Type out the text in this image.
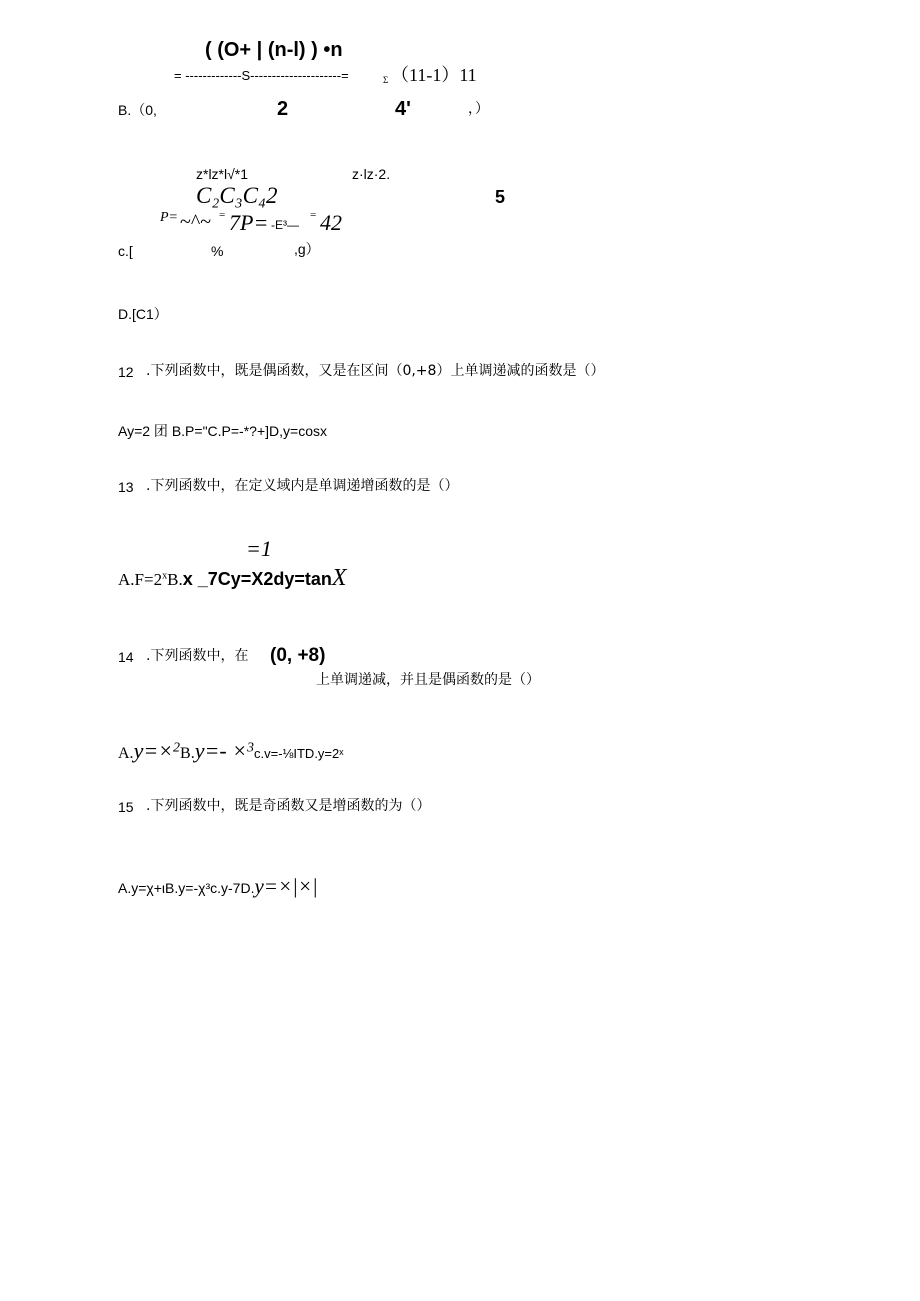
( (O+ | (n-l) ) •n
= -------------S---------------------=	Σ （11-1）11
B.（0,	2	4'	，）
z*lz*l√*1	z·lz·2.
C₂C₃C₄2	5
P= ~^~ = 7P= -E³—
= 42
c.[	%	,g）
D.[C1）
12 .下列函数中，既是偶函数，又是在区间（0,+8）上单调递减的函数是（）
Ay=2 团 B.P="C.P=-*?+]D,y=cosx
13 .下列函数中，在定义域内是单调递增函数的是（）
=1
$A.F=2^xB.x$ _7Cy=X2dy=tanX
14 .下列函数中，在 (0, +8)
上单调递减，并且是偶函数的是（）
A.y=×$^2$B.y=- ×$^3$c.v=-⅛ITD.y=2ˣ
15 .下列函数中，既是奇函数又是增函数的为（）
A.y=χ+ιB.y=-χ³c.y-7D.y=×|×|
